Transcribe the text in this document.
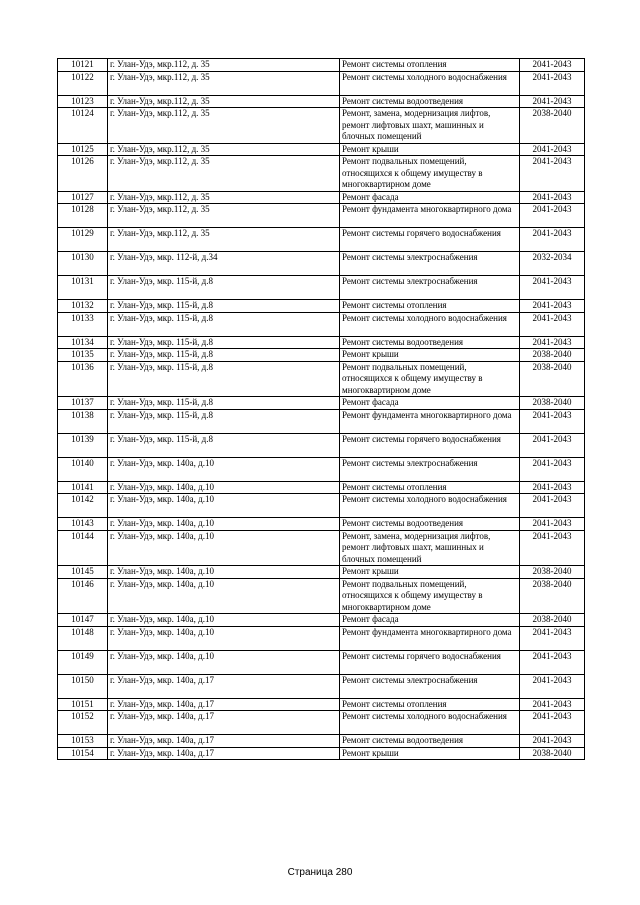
10121	г. Улан-Удэ, мкр.112, д. 35	Ремонт системы отопления	2041-2043
10122	г. Улан-Удэ, мкр.112, д. 35	Ремонт системы холодного водоснабжения	2041-2043
10123	г. Улан-Удэ, мкр.112, д. 35	Ремонт системы водоотведения	2041-2043
10124	г. Улан-Удэ, мкр.112, д. 35	Ремонт, замена, модернизация лифтов, ремонт лифтовых шахт, машинных и блочных помещений	2038-2040
10125	г. Улан-Удэ, мкр.112, д. 35	Ремонт крыши	2041-2043
10126	г. Улан-Удэ, мкр.112, д. 35	Ремонт подвальных помещений, относящихся к общему имуществу в многоквартирном доме	2041-2043
10127	г. Улан-Удэ, мкр.112, д. 35	Ремонт фасада	2041-2043
10128	г. Улан-Удэ, мкр.112, д. 35	Ремонт фундамента многоквартирного дома	2041-2043
10129	г. Улан-Удэ, мкр.112, д. 35	Ремонт системы горячего водоснабжения	2041-2043
10130	г. Улан-Удэ, мкр. 112-й, д.34	Ремонт системы электроснабжения	2032-2034
10131	г. Улан-Удэ, мкр. 115-й, д.8	Ремонт системы электроснабжения	2041-2043
10132	г. Улан-Удэ, мкр. 115-й, д.8	Ремонт системы отопления	2041-2043
10133	г. Улан-Удэ, мкр. 115-й, д.8	Ремонт системы холодного водоснабжения	2041-2043
10134	г. Улан-Удэ, мкр. 115-й, д.8	Ремонт системы водоотведения	2041-2043
10135	г. Улан-Удэ, мкр. 115-й, д.8	Ремонт крыши	2038-2040
10136	г. Улан-Удэ, мкр. 115-й, д.8	Ремонт подвальных помещений, относящихся к общему имуществу в многоквартирном доме	2038-2040
10137	г. Улан-Удэ, мкр. 115-й, д.8	Ремонт фасада	2038-2040
10138	г. Улан-Удэ, мкр. 115-й, д.8	Ремонт фундамента многоквартирного дома	2041-2043
10139	г. Улан-Удэ, мкр. 115-й, д.8	Ремонт системы горячего водоснабжения	2041-2043
10140	г. Улан-Удэ, мкр. 140а, д.10	Ремонт системы электроснабжения	2041-2043
10141	г. Улан-Удэ, мкр. 140а, д.10	Ремонт системы отопления	2041-2043
10142	г. Улан-Удэ, мкр. 140а, д.10	Ремонт системы холодного водоснабжения	2041-2043
10143	г. Улан-Удэ, мкр. 140а, д.10	Ремонт системы водоотведения	2041-2043
10144	г. Улан-Удэ, мкр. 140а, д.10	Ремонт, замена, модернизация лифтов, ремонт лифтовых шахт, машинных и блочных помещений	2041-2043
10145	г. Улан-Удэ, мкр. 140а, д.10	Ремонт крыши	2038-2040
10146	г. Улан-Удэ, мкр. 140а, д.10	Ремонт подвальных помещений, относящихся к общему имуществу в многоквартирном доме	2038-2040
10147	г. Улан-Удэ, мкр. 140а, д.10	Ремонт фасада	2038-2040
10148	г. Улан-Удэ, мкр. 140а, д.10	Ремонт фундамента многоквартирного дома	2041-2043
10149	г. Улан-Удэ, мкр. 140а, д.10	Ремонт системы горячего водоснабжения	2041-2043
10150	г. Улан-Удэ, мкр. 140а, д.17	Ремонт системы электроснабжения	2041-2043
10151	г. Улан-Удэ, мкр. 140а, д.17	Ремонт системы отопления	2041-2043
10152	г. Улан-Удэ, мкр. 140а, д.17	Ремонт системы холодного водоснабжения	2041-2043
10153	г. Улан-Удэ, мкр. 140а, д.17	Ремонт системы водоотведения	2041-2043
10154	г. Улан-Удэ, мкр. 140а, д.17	Ремонт крыши	2038-2040
Страница 280
